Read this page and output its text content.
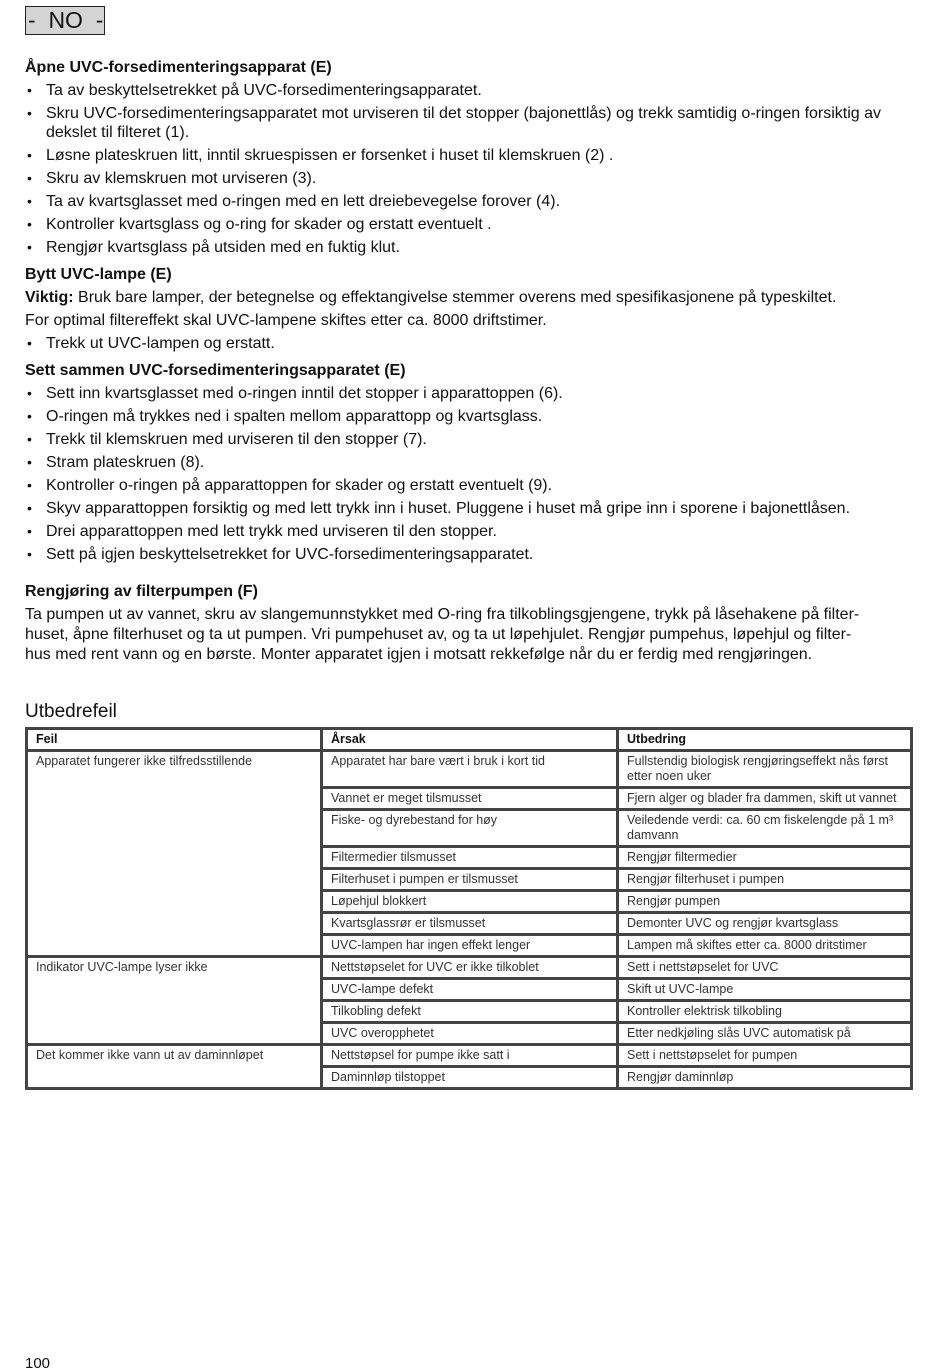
-  NO  -
Åpne UVC-forsedimenteringsapparat (E)
• Ta av beskyttelsetrekket på UVC-forsedimenteringsapparatet.
• Skru UVC-forsedimenteringsapparatet mot urviseren til det stopper (bajonettlås) og trekk samtidig o-ringen forsiktig av dekslet til filteret (1).
• Løsne plateskruen litt, inntil skruespissen er forsenket i huset til klemskruen (2) .
• Skru av klemskruen mot urviseren (3).
• Ta av kvartsglasset med o-ringen med en lett dreiebevegelse forover (4).
• Kontroller kvartsglass og o-ring for skader og erstatt eventuelt .
• Rengjør kvartsglass på utsiden med en fuktig klut.
Bytt UVC-lampe (E)

Viktig: Bruk bare lamper, der betegnelse og effektangivelse stemmer overens med spesifikasjonene på typeskiltet.

For optimal filtereffekt skal UVC-lampene skiftes etter ca. 8000 driftstimer.

• Trekk ut UVC-lampen og erstatt.
Sett sammen UVC-forsedimenteringsapparatet (E)
• Sett inn kvartsglasset med o-ringen inntil det stopper i apparattoppen (6).
• O-ringen må trykkes ned i spalten mellom apparattopp og kvartsglass.
• Trekk til klemskruen med urviseren til den stopper (7).
• Stram plateskruen (8).
• Kontroller o-ringen på apparattoppen for skader og erstatt eventuelt (9).
• Skyv apparattoppen forsiktig og med lett trykk inn i huset. Pluggene i huset må gripe inn i sporene i bajonettlåsen.
• Drei apparattoppen med lett trykk med urviseren til den stopper.
• Sett på igjen beskyttelsetrekket for UVC-forsedimenteringsapparatet.
Rengjøring av filterpumpen (F)

Ta pumpen ut av vannet, skru av slangemunnstykket med O-ring fra tilkoblingsgjengene, trykk på låsehakene på filter-

huset, åpne filterhuset og ta ut pumpen. Vri pumpehuset av, og ta ut løpehjulet. Rengjør pumpehus, løpehjul og filter-

hus med rent vann og en børste. Monter apparatet igjen i motsatt rekkefølge når du er ferdig med rengjøringen.

Utbedrefeil
Feil	Årsak	Utbedring
Apparatet fungerer ikke tilfredsstillende	Apparatet har bare vært i bruk i kort tid	Fullstendig biologisk rengjøringseffekt nås først etter noen uker
	Vannet er meget tilsmusset	Fjern alger og blader fra dammen, skift ut vannet
	Fiske- og dyrebestand for høy	Veiledende verdi: ca. 60 cm fiskelengde på 1 m³ damvann
	Filtermedier tilsmusset	Rengjør filtermedier
	Filterhuset i pumpen er tilsmusset	Rengjør filterhuset i pumpen
	Løpehjul blokkert	Rengjør pumpen
	Kvartsglassrør er tilsmusset	Demonter UVC og rengjør kvartsglass
	UVC-lampen har ingen effekt lenger	Lampen må skiftes etter ca. 8000 dritstimer
Indikator UVC-lampe lyser ikke	Nettstøpselet for UVC er ikke tilkoblet	Sett i nettstøpselet for UVC
	UVC-lampe defekt	Skift ut UVC-lampe
	Tilkobling defekt	Kontroller elektrisk tilkobling
	UVC overopphetet	Etter nedkjøling slås UVC automatisk på
Det kommer ikke vann ut av daminnløpet	Nettstøpsel for pumpe ikke satt i	Sett i nettstøpselet for pumpen
	Daminnløp tilstoppet	Rengjør daminnløp
100
